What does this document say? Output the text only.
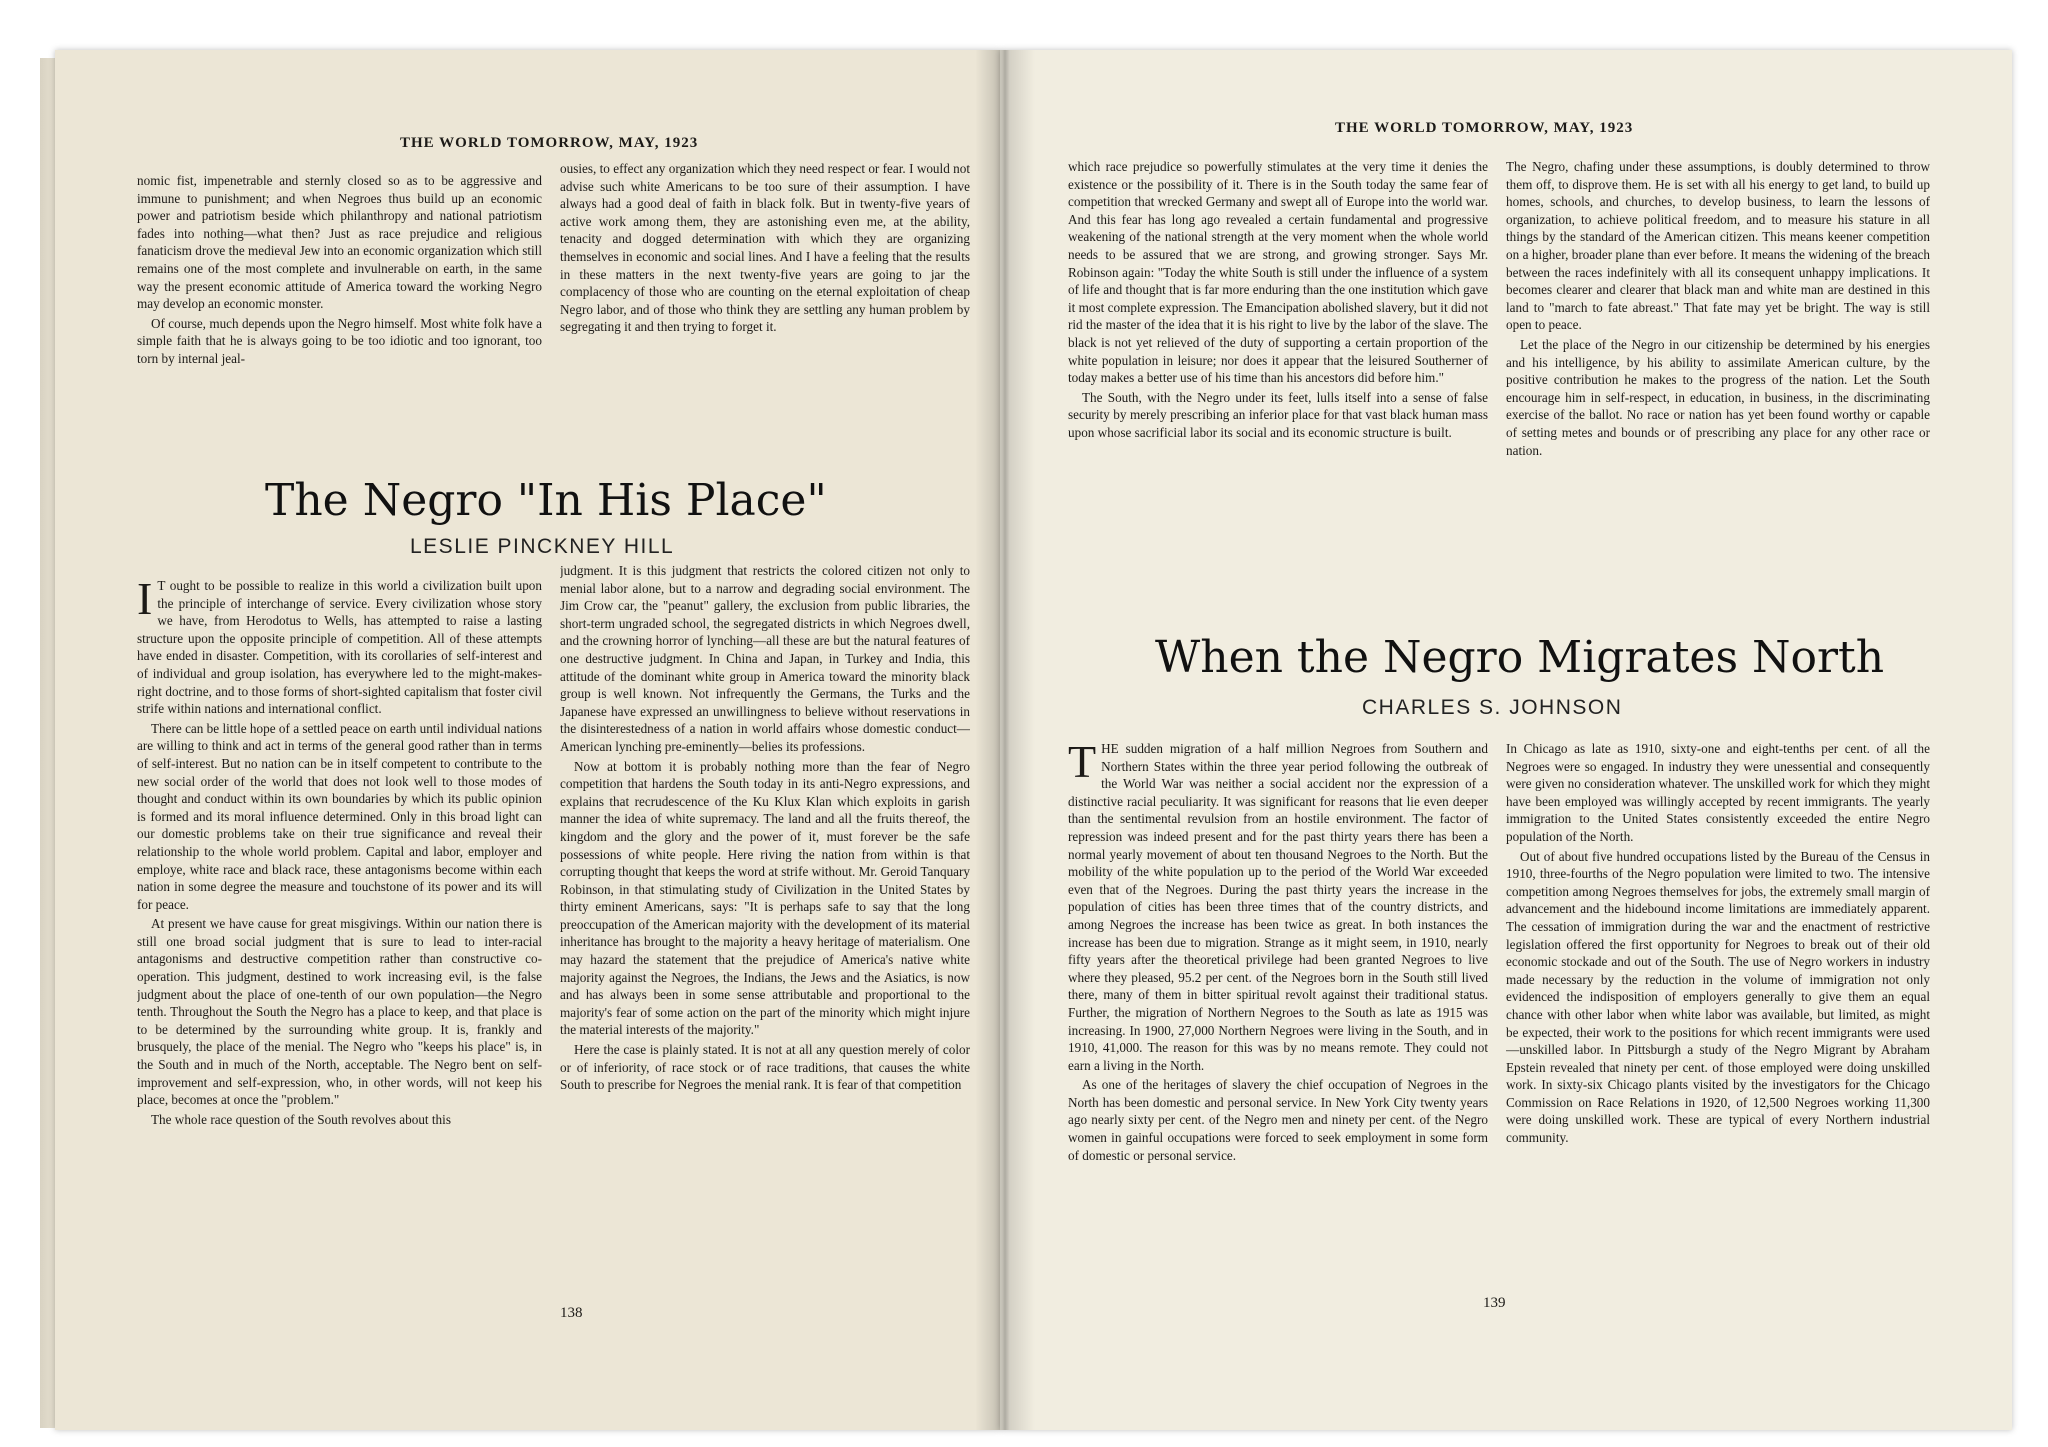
THE WORLD TOMORROW, MAY, 1923

nomic fist, impenetrable and sternly closed so as to be aggressive and immune to punishment; and when Negroes thus build up an economic power and patriotism beside which philanthropy and national patriotism fades into nothing—what then? Just as race prejudice and religious fanaticism drove the medieval Jew into an economic organization which still remains one of the most complete and invulnerable on earth, in the same way the present economic attitude of America toward the working Negro may develop an economic monster.

Of course, much depends upon the Negro himself. Most white folk have a simple faith that he is always going to be too idiotic and too ignorant, too torn by internal jeal-

ousies, to effect any organization which they need respect or fear. I would not advise such white Americans to be too sure of their assumption. I have always had a good deal of faith in black folk. But in twenty-five years of active work among them, they are astonishing even me, at the ability, tenacity and dogged determination with which they are organizing themselves in economic and social lines. And I have a feeling that the results in these matters in the next twenty-five years are going to jar the complacency of those who are counting on the eternal exploitation of cheap Negro labor, and of those who think they are settling any human problem by segregating it and then trying to forget it.

The Negro "In His Place"
LESLIE PINCKNEY HILL

I T ought to be possible to realize in this world a civilization built upon the principle of interchange of service. Every civilization whose story we have, from Herodotus to Wells, has attempted to raise a lasting structure upon the opposite principle of competition. All of these attempts have ended in disaster. Competition, with its corollaries of self-interest and of individual and group isolation, has everywhere led to the might-makes-right doctrine, and to those forms of short-sighted capitalism that foster civil strife within nations and international conflict.

There can be little hope of a settled peace on earth until individual nations are willing to think and act in terms of the general good rather than in terms of self-interest. But no nation can be in itself competent to contribute to the new social order of the world that does not look well to those modes of thought and conduct within its own boundaries by which its public opinion is formed and its moral influence determined. Only in this broad light can our domestic problems take on their true significance and reveal their relationship to the whole world problem. Capital and labor, employer and employe, white race and black race, these antagonisms become within each nation in some degree the measure and touchstone of its power and its will for peace.

At present we have cause for great misgivings. Within our nation there is still one broad social judgment that is sure to lead to inter-racial antagonisms and destructive competition rather than constructive co-operation. This judgment, destined to work increasing evil, is the false judgment about the place of one-tenth of our own population—the Negro tenth. Throughout the South the Negro has a place to keep, and that place is to be determined by the surrounding white group. It is, frankly and brusquely, the place of the menial. The Negro who "keeps his place" is, in the South and in much of the North, acceptable. The Negro bent on self-improvement and self-expression, who, in other words, will not keep his place, becomes at once the "problem."

The whole race question of the South revolves about this

judgment. It is this judgment that restricts the colored citizen not only to menial labor alone, but to a narrow and degrading social environment. The Jim Crow car, the "peanut" gallery, the exclusion from public libraries, the short-term ungraded school, the segregated districts in which Negroes dwell, and the crowning horror of lynching—all these are but the natural features of one destructive judgment. In China and Japan, in Turkey and India, this attitude of the dominant white group in America toward the minority black group is well known. Not infrequently the Germans, the Turks and the Japanese have expressed an unwillingness to believe without reservations in the disinterestedness of a nation in world affairs whose domestic conduct—American lynching pre-eminently—belies its professions.

Now at bottom it is probably nothing more than the fear of Negro competition that hardens the South today in its anti-Negro expressions, and explains that recrudescence of the Ku Klux Klan which exploits in garish manner the idea of white supremacy. The land and all the fruits thereof, the kingdom and the glory and the power of it, must forever be the safe possessions of white people. Here riving the nation from within is that corrupting thought that keeps the word at strife without. Mr. Geroid Tanquary Robinson, in that stimulating study of Civilization in the United States by thirty eminent Americans, says: "It is perhaps safe to say that the long preoccupation of the American majority with the development of its material inheritance has brought to the majority a heavy heritage of materialism. One may hazard the statement that the prejudice of America's native white majority against the Negroes, the Indians, the Jews and the Asiatics, is now and has always been in some sense attributable and proportional to the majority's fear of some action on the part of the minority which might injure the material interests of the majority."

Here the case is plainly stated. It is not at all any question merely of color or of inferiority, of race stock or of race traditions, that causes the white South to prescribe for Negroes the menial rank. It is fear of that competition

138
THE WORLD TOMORROW, MAY, 1923

which race prejudice so powerfully stimulates at the very time it denies the existence or the possibility of it. There is in the South today the same fear of competition that wrecked Germany and swept all of Europe into the world war. And this fear has long ago revealed a certain fundamental and progressive weakening of the national strength at the very moment when the whole world needs to be assured that we are strong, and growing stronger. Says Mr. Robinson again: "Today the white South is still under the influence of a system of life and thought that is far more enduring than the one institution which gave it most complete expression. The Emancipation abolished slavery, but it did not rid the master of the idea that it is his right to live by the labor of the slave. The black is not yet relieved of the duty of supporting a certain proportion of the white population in leisure; nor does it appear that the leisured Southerner of today makes a better use of his time than his ancestors did before him."

The South, with the Negro under its feet, lulls itself into a sense of false security by merely prescribing an inferior place for that vast black human mass upon whose sacrificial labor its social and its economic structure is built.

The Negro, chafing under these assumptions, is doubly determined to throw them off, to disprove them. He is set with all his energy to get land, to build up homes, schools, and churches, to develop business, to learn the lessons of organization, to achieve political freedom, and to measure his stature in all things by the standard of the American citizen. This means keener competition on a higher, broader plane than ever before. It means the widening of the breach between the races indefinitely with all its consequent unhappy implications. It becomes clearer and clearer that black man and white man are destined in this land to "march to fate abreast." That fate may yet be bright. The way is still open to peace.

Let the place of the Negro in our citizenship be determined by his energies and his intelligence, by his ability to assimilate American culture, by the positive contribution he makes to the progress of the nation. Let the South encourage him in self-respect, in education, in business, in the discriminating exercise of the ballot. No race or nation has yet been found worthy or capable of setting metes and bounds or of prescribing any place for any other race or nation.

When the Negro Migrates North
CHARLES S. JOHNSON

THE sudden migration of a half million Negroes from Southern and Northern States within the three year period following the outbreak of the World War was neither a social accident nor the expression of a distinctive racial peculiarity. It was significant for reasons that lie even deeper than the sentimental revulsion from an hostile environment. The factor of repression was indeed present and for the past thirty years there has been a normal yearly movement of about ten thousand Negroes to the North. But the mobility of the white population up to the period of the World War exceeded even that of the Negroes. During the past thirty years the increase in the population of cities has been three times that of the country districts, and among Negroes the increase has been twice as great. In both instances the increase has been due to migration. Strange as it might seem, in 1910, nearly fifty years after the theoretical privilege had been granted Negroes to live where they pleased, 95.2 per cent. of the Negroes born in the South still lived there, many of them in bitter spiritual revolt against their traditional status. Further, the migration of Northern Negroes to the South as late as 1915 was increasing. In 1900, 27,000 Northern Negroes were living in the South, and in 1910, 41,000. The reason for this was by no means remote. They could not earn a living in the North.

As one of the heritages of slavery the chief occupation of Negroes in the North has been domestic and personal service. In New York City twenty years ago nearly sixty per cent. of the Negro men and ninety per cent. of the Negro women in gainful occupations were forced to seek employment in some form of domestic or personal service.

In Chicago as late as 1910, sixty-one and eight-tenths per cent. of all the Negroes were so engaged. In industry they were unessential and consequently were given no consideration whatever. The unskilled work for which they might have been employed was willingly accepted by recent immigrants. The yearly immigration to the United States consistently exceeded the entire Negro population of the North.

Out of about five hundred occupations listed by the Bureau of the Census in 1910, three-fourths of the Negro population were limited to two. The intensive competition among Negroes themselves for jobs, the extremely small margin of advancement and the hidebound income limitations are immediately apparent. The cessation of immigration during the war and the enactment of restrictive legislation offered the first opportunity for Negroes to break out of their old economic stockade and out of the South. The use of Negro workers in industry made necessary by the reduction in the volume of immigration not only evidenced the indisposition of employers generally to give them an equal chance with other labor when white labor was available, but limited, as might be expected, their work to the positions for which recent immigrants were used—unskilled labor. In Pittsburgh a study of the Negro Migrant by Abraham Epstein revealed that ninety per cent. of those employed were doing unskilled work. In sixty-six Chicago plants visited by the investigators for the Chicago Commission on Race Relations in 1920, of 12,500 Negroes working 11,300 were doing unskilled work. These are typical of every Northern industrial community.

139
